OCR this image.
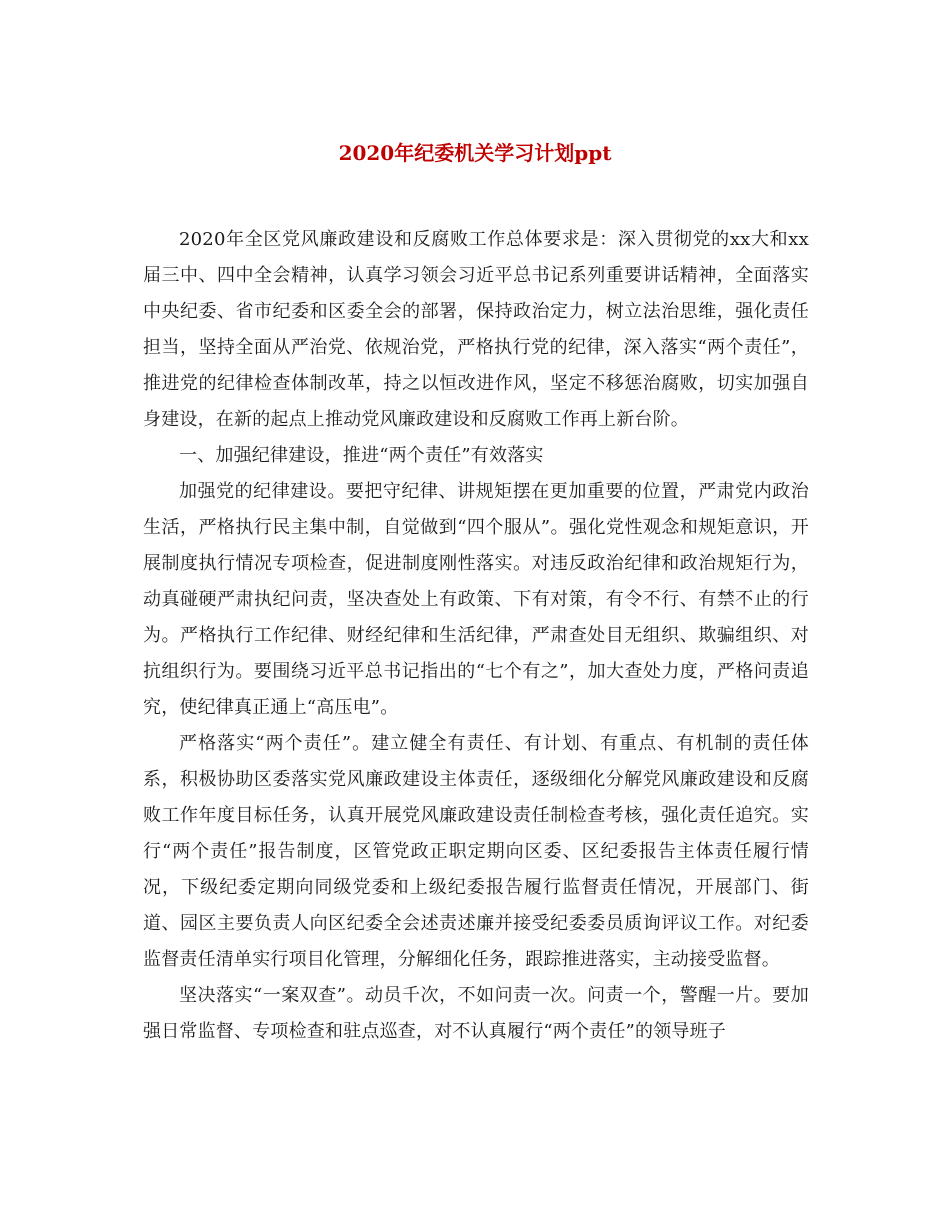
2020年纪委机关学习计划ppt

2020年全区党风廉政建设和反腐败工作总体要求是：深入贯彻党的xx大和xx届三中、四中全会精神，认真学习领会习近平总书记系列重要讲话精神，全面落实中央纪委、省市纪委和区委全会的部署，保持政治定力，树立法治思维，强化责任担当，坚持全面从严治党、依规治党，严格执行党的纪律，深入落实“两个责任”，推进党的纪律检查体制改革，持之以恒改进作风，坚定不移惩治腐败，切实加强自身建设，在新的起点上推动党风廉政建设和反腐败工作再上新台阶。

一、加强纪律建设，推进“两个责任”有效落实

加强党的纪律建设。要把守纪律、讲规矩摆在更加重要的位置，严肃党内政治生活，严格执行民主集中制，自觉做到“四个服从”。强化党性观念和规矩意识，开展制度执行情况专项检查，促进制度刚性落实。对违反政治纪律和政治规矩行为，动真碰硬严肃执纪问责，坚决查处上有政策、下有对策，有令不行、有禁不止的行为。严格执行工作纪律、财经纪律和生活纪律，严肃查处目无组织、欺骗组织、对抗组织行为。要围绕习近平总书记指出的“七个有之”，加大查处力度，严格问责追究，使纪律真正通上“高压电”。

严格落实“两个责任”。建立健全有责任、有计划、有重点、有机制的责任体系，积极协助区委落实党风廉政建设主体责任，逐级细化分解党风廉政建设和反腐败工作年度目标任务，认真开展党风廉政建设责任制检查考核，强化责任追究。实行“两个责任”报告制度，区管党政正职定期向区委、区纪委报告主体责任履行情况，下级纪委定期向同级党委和上级纪委报告履行监督责任情况，开展部门、街道、园区主要负责人向区纪委全会述责述廉并接受纪委委员质询评议工作。对纪委监督责任清单实行项目化管理，分解细化任务，跟踪推进落实，主动接受监督。

坚决落实“一案双查”。动员千次，不如问责一次。问责一个，警醒一片。要加强日常监督、专项检查和驻点巡查，对不认真履行“两个责任”的领导班子
